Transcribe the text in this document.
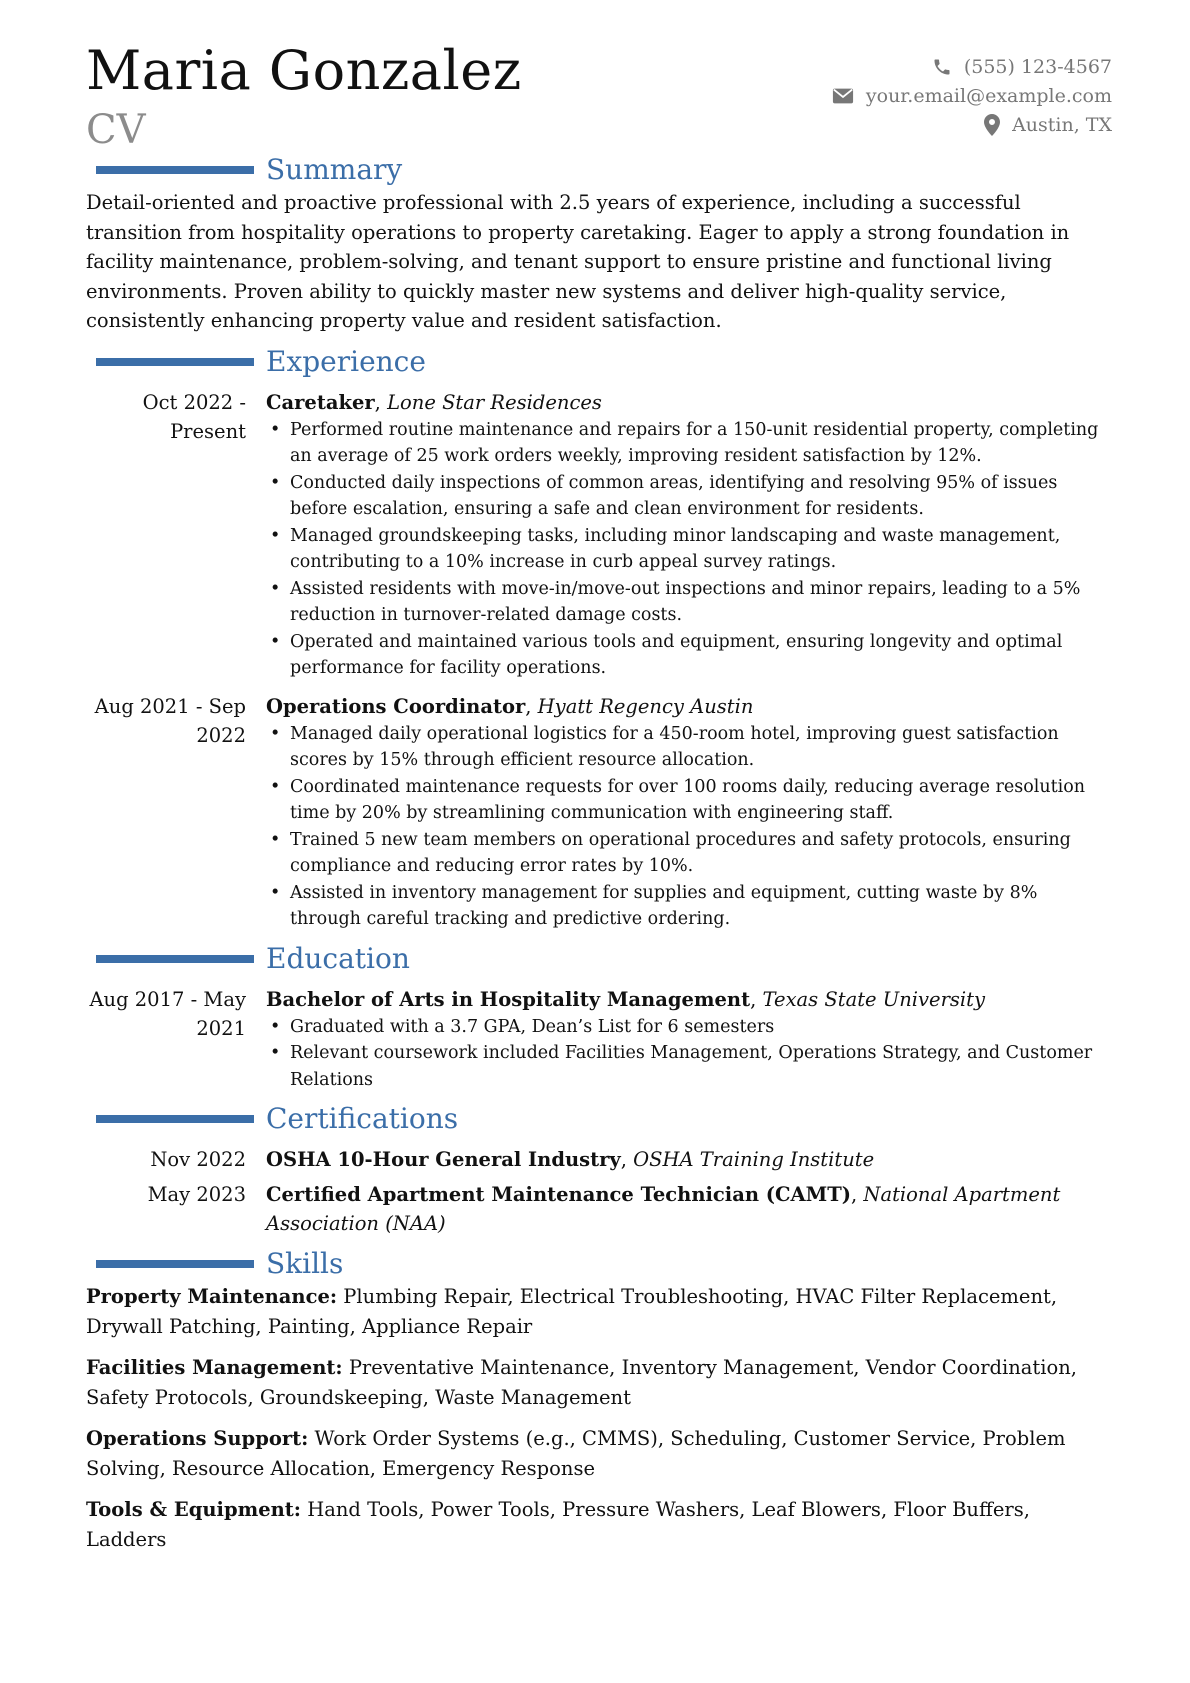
Maria Gonzalez
CV
(555) 123-4567
your.email@example.com
Austin, TX
Summary

Detail-oriented and proactive professional with 2.5 years of experience, including a successful transition from hospitality operations to property caretaking. Eager to apply a strong foundation in facility maintenance, problem-solving, and tenant support to ensure pristine and functional living environments. Proven ability to quickly master new systems and deliver high-quality service, consistently enhancing property value and resident satisfaction.

Experience
Oct 2022 - Present
Caretaker, Lone Star Residences
• Performed routine maintenance and repairs for a 150-unit residential property, completing an average of 25 work orders weekly, improving resident satisfaction by 12%.
• Conducted daily inspections of common areas, identifying and resolving 95% of issues before escalation, ensuring a safe and clean environment for residents.
• Managed groundskeeping tasks, including minor landscaping and waste management, contributing to a 10% increase in curb appeal survey ratings.
• Assisted residents with move-in/move-out inspections and minor repairs, leading to a 5% reduction in turnover-related damage costs.
• Operated and maintained various tools and equipment, ensuring longevity and optimal performance for facility operations.
Aug 2021 - Sep 2022
Operations Coordinator, Hyatt Regency Austin
• Managed daily operational logistics for a 450-room hotel, improving guest satisfaction scores by 15% through efficient resource allocation.
• Coordinated maintenance requests for over 100 rooms daily, reducing average resolution time by 20% by streamlining communication with engineering staff.
• Trained 5 new team members on operational procedures and safety protocols, ensuring compliance and reducing error rates by 10%.
• Assisted in inventory management for supplies and equipment, cutting waste by 8% through careful tracking and predictive ordering.
Education
Aug 2017 - May 2021
Bachelor of Arts in Hospitality Management, Texas State University
• Graduated with a 3.7 GPA, Dean’s List for 6 semesters
• Relevant coursework included Facilities Management, Operations Strategy, and Customer Relations
Certifications
Nov 2022	OSHA 10-Hour General Industry, OSHA Training Institute
May 2023	Certified Apartment Maintenance Technician (CAMT), National Apartment Association (NAA)
Skills

Property Maintenance: Plumbing Repair, Electrical Troubleshooting, HVAC Filter Replacement, Drywall Patching, Painting, Appliance Repair

Facilities Management: Preventative Maintenance, Inventory Management, Vendor Coordination, Safety Protocols, Groundskeeping, Waste Management

Operations Support: Work Order Systems (e.g., CMMS), Scheduling, Customer Service, Problem Solving, Resource Allocation, Emergency Response

Tools & Equipment: Hand Tools, Power Tools, Pressure Washers, Leaf Blowers, Floor Buffers, Ladders
